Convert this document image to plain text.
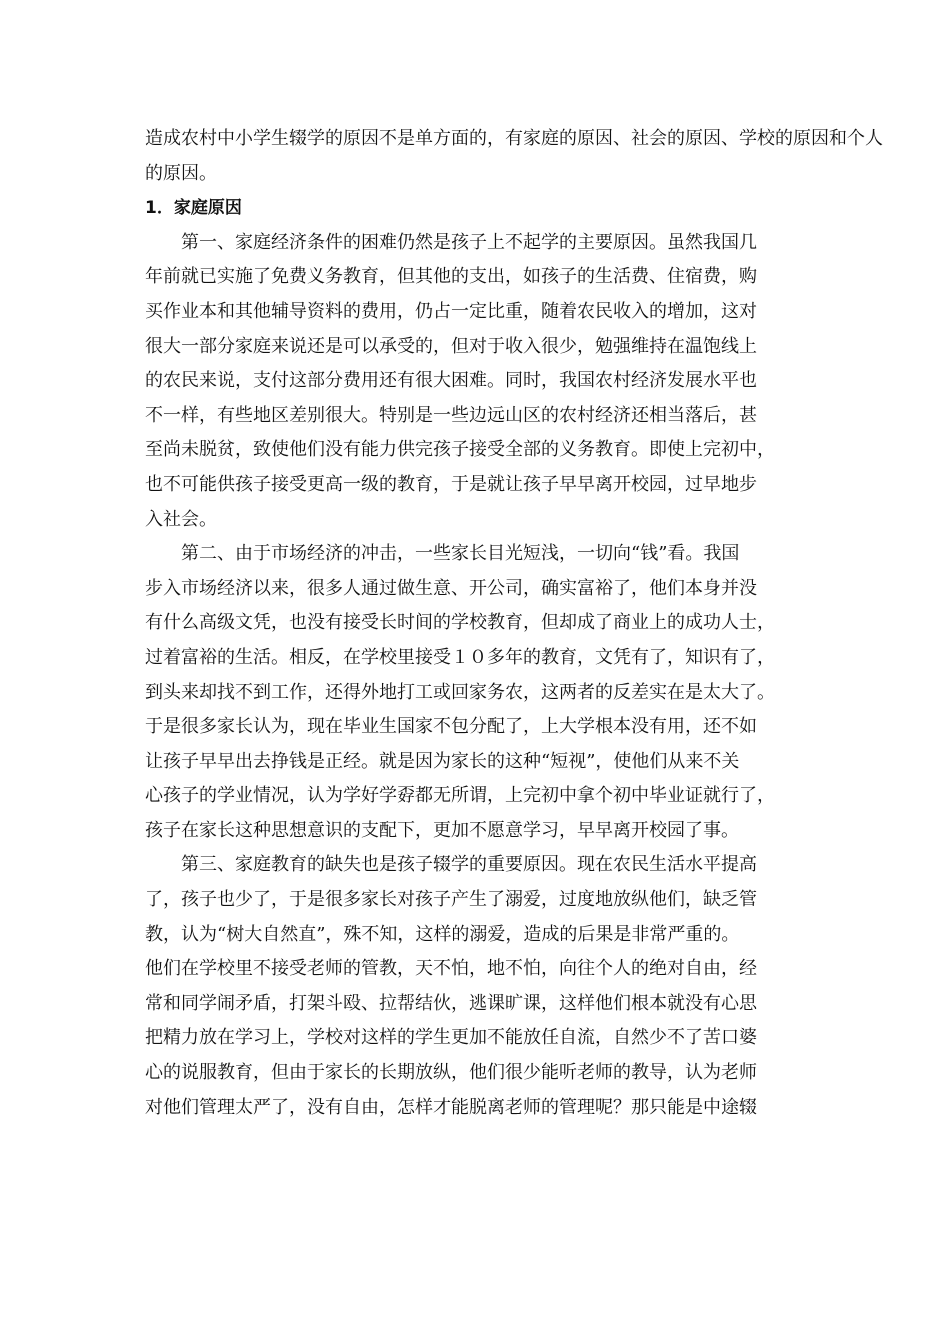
造成农村中小学生辍学的原因不是单方面的，有家庭的原因、社会的原因、学校的原因和个人
的原因。
1．家庭原因
第一、家庭经济条件的困难仍然是孩子上不起学的主要原因。虽然我国几
年前就已实施了免费义务教育，但其他的支出，如孩子的生活费、住宿费，购
买作业本和其他辅导资料的费用，仍占一定比重，随着农民收入的增加，这对
很大一部分家庭来说还是可以承受的，但对于收入很少，勉强维持在温饱线上
的农民来说，支付这部分费用还有很大困难。同时，我国农村经济发展水平也
不一样，有些地区差别很大。特别是一些边远山区的农村经济还相当落后，甚
至尚未脱贫，致使他们没有能力供完孩子接受全部的义务教育。即使上完初中，
也不可能供孩子接受更高一级的教育，于是就让孩子早早离开校园，过早地步
入社会。
第二、由于市场经济的冲击，一些家长目光短浅，一切向“钱”看。我国
步入市场经济以来，很多人通过做生意、开公司，确实富裕了，他们本身并没
有什么高级文凭，也没有接受长时间的学校教育，但却成了商业上的成功人士，
过着富裕的生活。相反，在学校里接受１０多年的教育，文凭有了，知识有了，
到头来却找不到工作，还得外地打工或回家务农，这两者的反差实在是太大了。
于是很多家长认为，现在毕业生国家不包分配了，上大学根本没有用，还不如
让孩子早早出去挣钱是正经。就是因为家长的这种“短视”，使他们从来不关
心孩子的学业情况，认为学好学孬都无所谓，上完初中拿个初中毕业证就行了，
孩子在家长这种思想意识的支配下，更加不愿意学习，早早离开校园了事。
第三、家庭教育的缺失也是孩子辍学的重要原因。现在农民生活水平提高
了，孩子也少了，于是很多家长对孩子产生了溺爱，过度地放纵他们，缺乏管
教，认为“树大自然直”，殊不知，这样的溺爱，造成的后果是非常严重的。
他们在学校里不接受老师的管教，天不怕，地不怕，向往个人的绝对自由，经
常和同学闹矛盾，打架斗殴、拉帮结伙，逃课旷课，这样他们根本就没有心思
把精力放在学习上，学校对这样的学生更加不能放任自流，自然少不了苦口婆
心的说服教育，但由于家长的长期放纵，他们很少能听老师的教导，认为老师
对他们管理太严了，没有自由，怎样才能脱离老师的管理呢？那只能是中途辍
